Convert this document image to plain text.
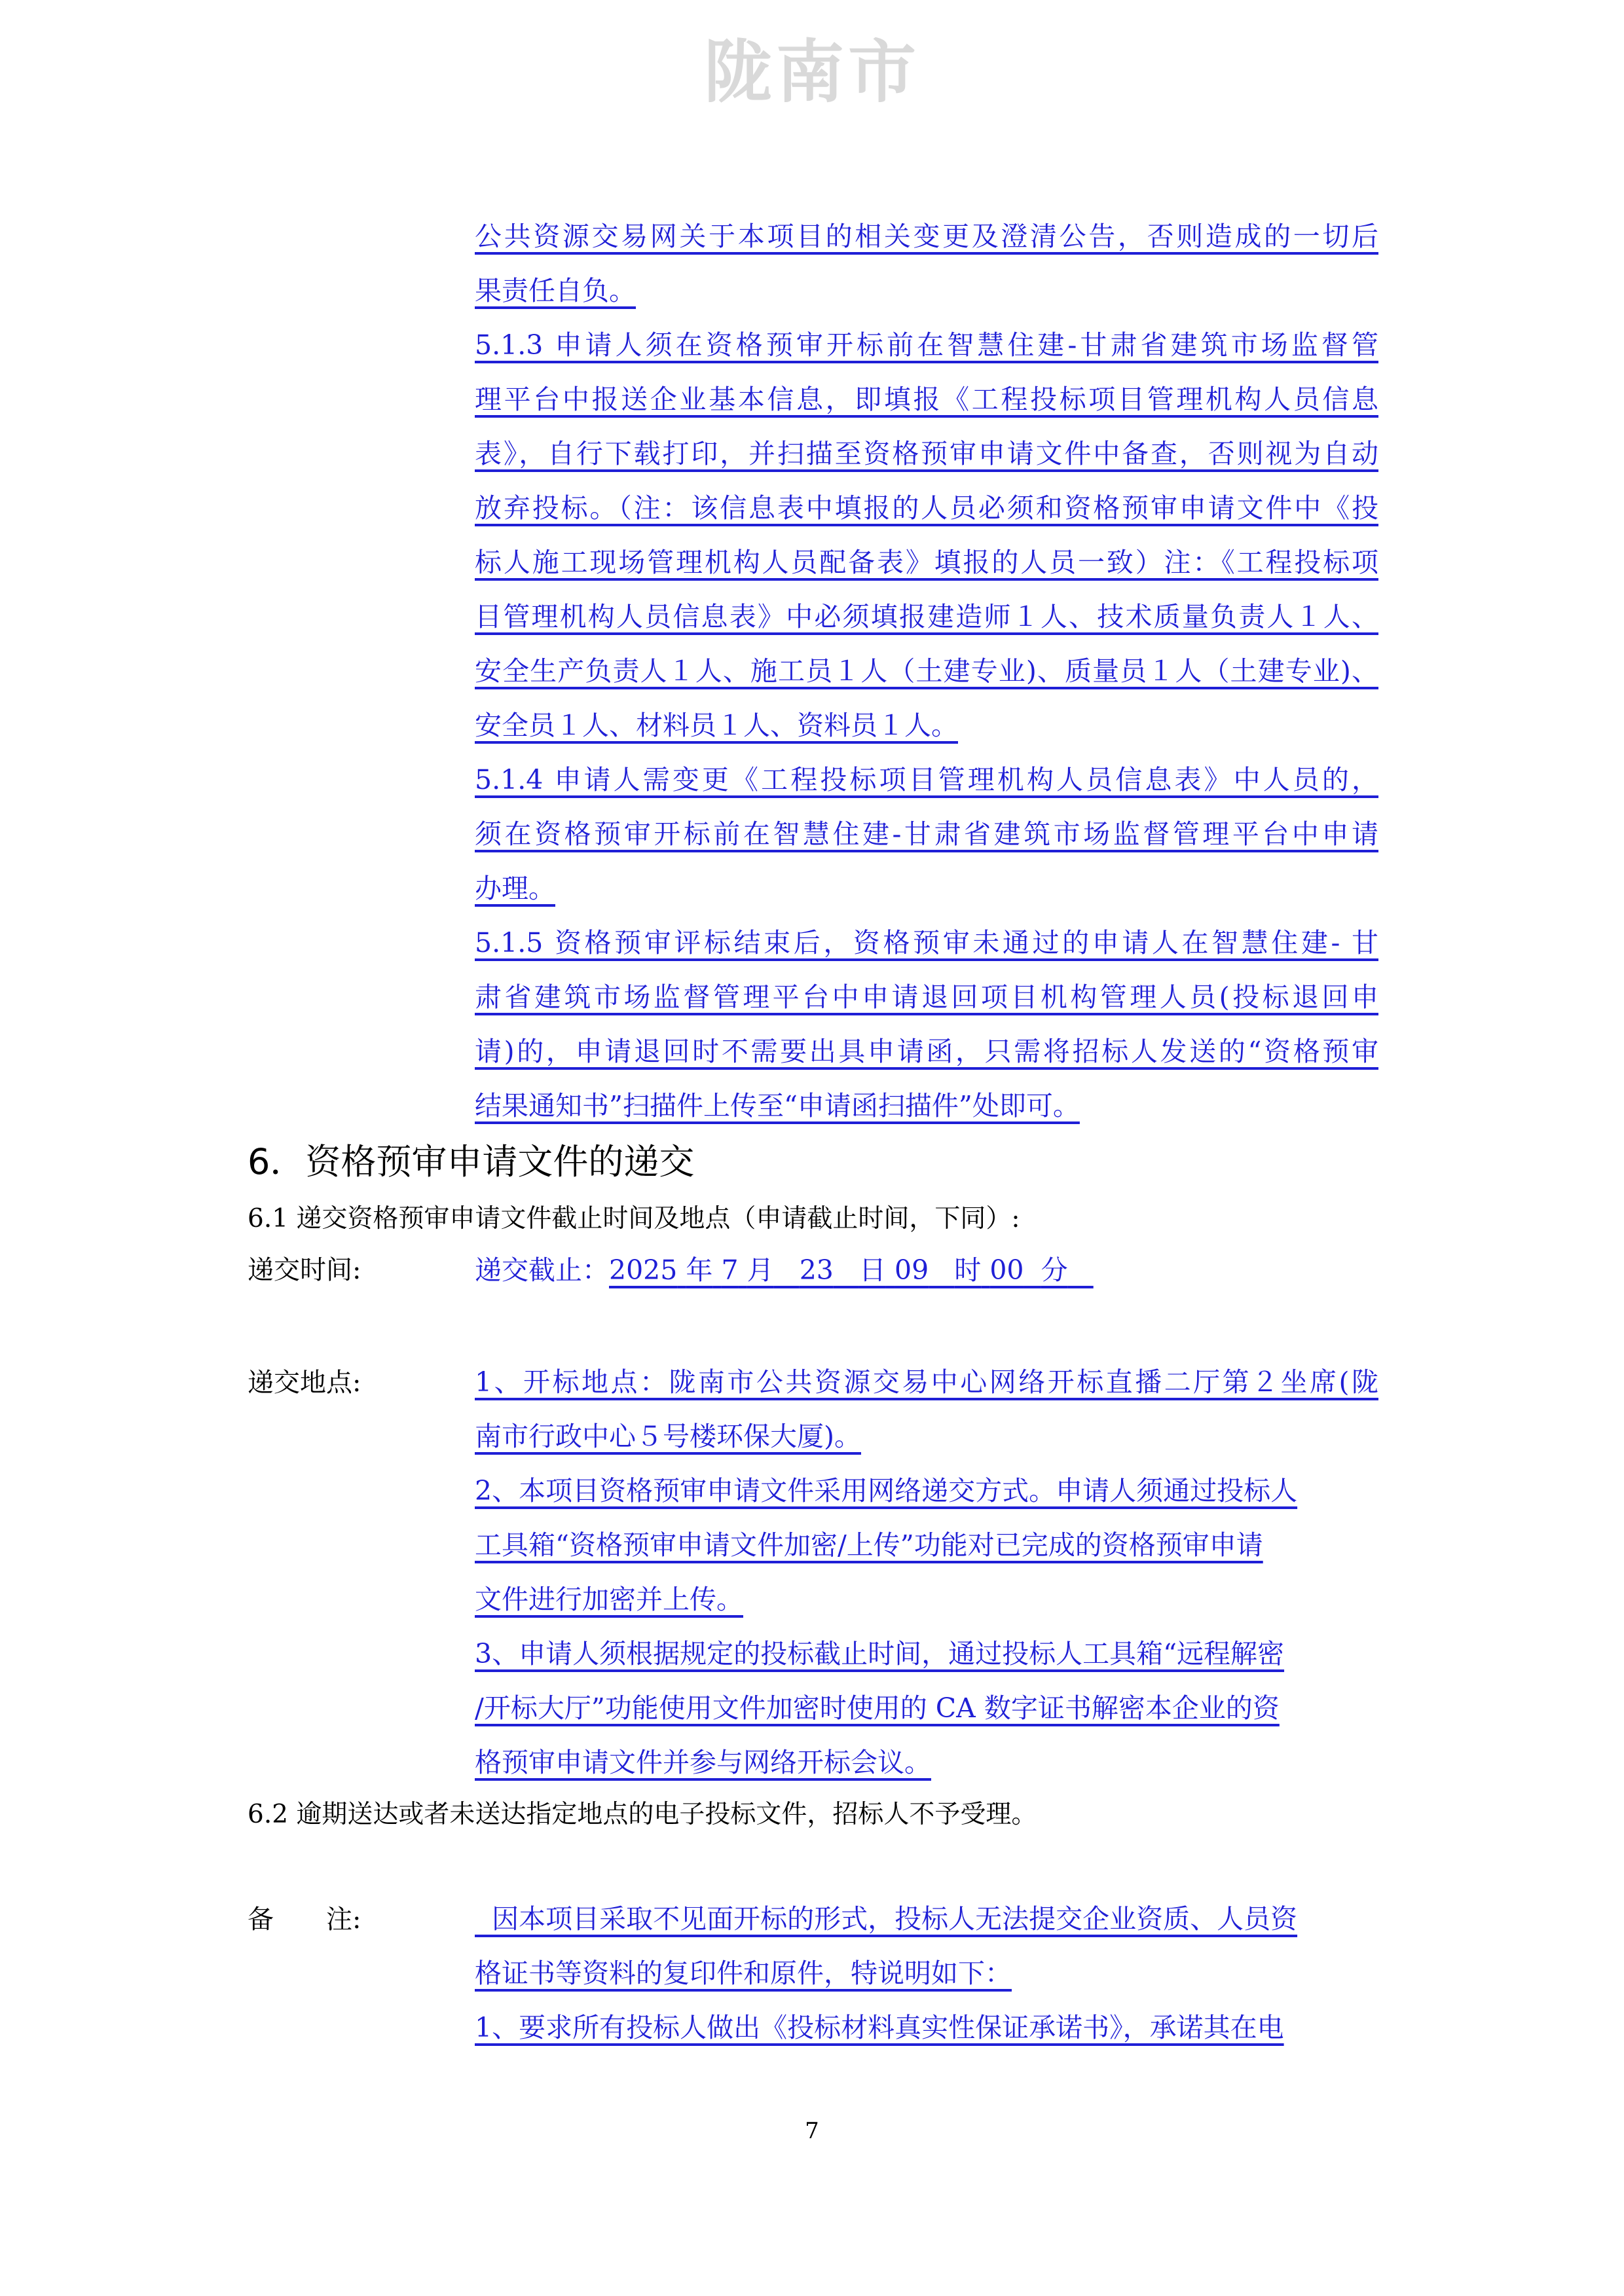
陇南市
公共资源交易网关于本项目的相关变更及澄清公告，否则造成的一切后
果责任自负。
5.1.3 申请人须在资格预审开标前在智慧住建-甘肃省建筑市场监督管
理平台中报送企业基本信息，即填报《工程投标项目管理机构人员信息
表》，自行下载打印，并扫描至资格预审申请文件中备查，否则视为自动
放弃投标。（注：该信息表中填报的人员必须和资格预审申请文件中《投
标人施工现场管理机构人员配备表》填报的人员一致）注：《工程投标项
目管理机构人员信息表》中必须填报建造师１人、技术质量负责人１人、
安全生产负责人１人、施工员１人（土建专业)、质量员１人（土建专业)、
安全员１人、材料员１人、资料员１人。
5.1.4 申请人需变更《工程投标项目管理机构人员信息表》中人员的，
须在资格预审开标前在智慧住建-甘肃省建筑市场监督管理平台中申请
办理。
5.1.5 资格预审评标结束后，资格预审未通过的申请人在智慧住建- 甘
肃省建筑市场监督管理平台中申请退回项目机构管理人员(投标退回申
请)的，申请退回时不需要出具申请函，只需将招标人发送的“资格预审
结果通知书”扫描件上传至“申请函扫描件”处即可。
6．资格预审申请文件的递交
6.1 递交资格预审申请文件截止时间及地点（申请截止时间，下同）:
递交时间:	递交截止：2025 年 7 月 23 日 09 时 00 分
递交地点:	1、开标地点：陇南市公共资源交易中心网络开标直播二厅第２坐席(陇
南市行政中心５号楼环保大厦)。
2、本项目资格预审申请文件采用网络递交方式。申请人须通过投标人
工具箱“资格预审申请文件加密/上传”功能对已完成的资格预审申请
文件进行加密并上传。
3、申请人须根据规定的投标截止时间，通过投标人工具箱“远程解密
/开标大厅”功能使用文件加密时使用的 CA 数字证书解密本企业的资
格预审申请文件并参与网络开标会议。
6.2 逾期送达或者未送达指定地点的电子投标文件，招标人不予受理。
备　　注:	因本项目采取不见面开标的形式，投标人无法提交企业资质、人员资
格证书等资料的复印件和原件，特说明如下：
1、要求所有投标人做出《投标材料真实性保证承诺书》，承诺其在电
7
